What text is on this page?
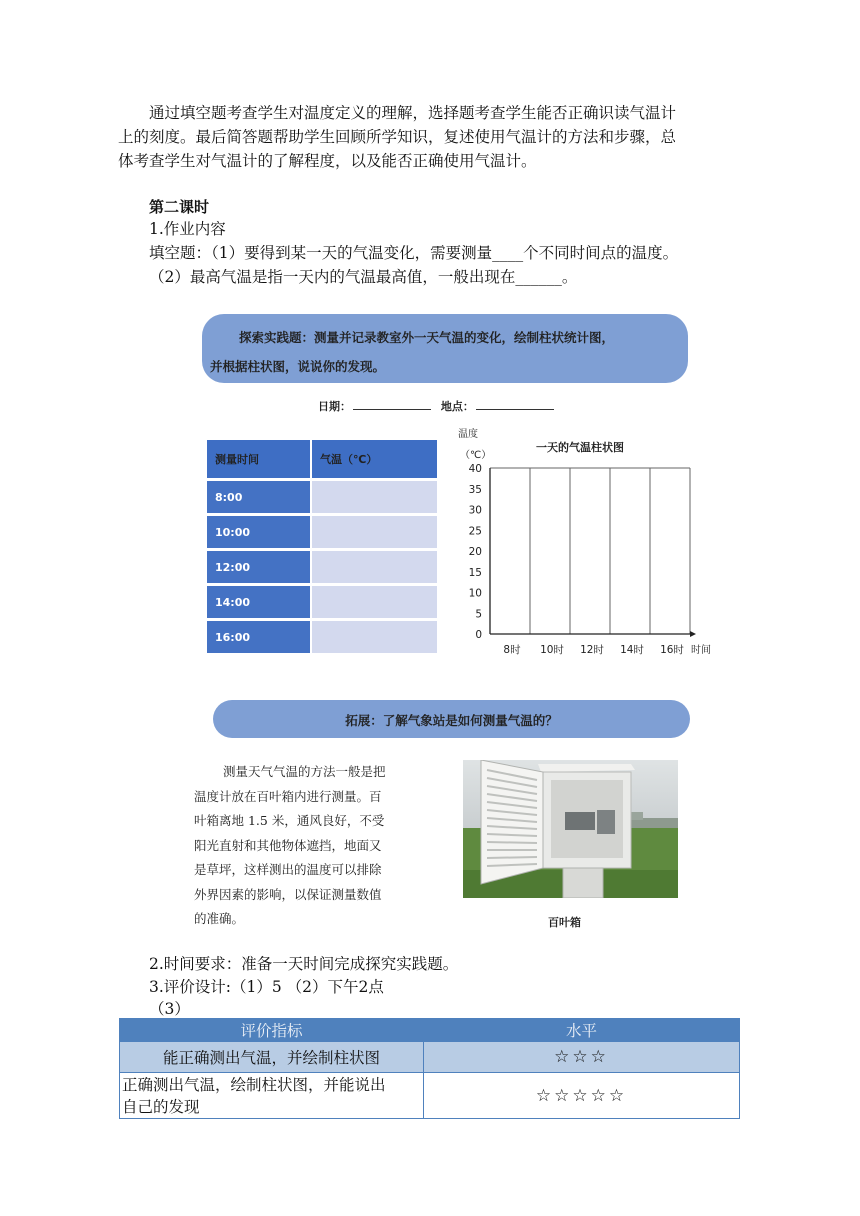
通过填空题考查学生对温度定义的理解，选择题考查学生能否正确识读气温计
上的刻度。最后简答题帮助学生回顾所学知识，复述使用气温计的方法和步骤，总
体考查学生对气温计的了解程度，以及能否正确使用气温计。
第二课时
1.作业内容
填空题：（1）要得到某一天的气温变化，需要测量____个不同时间点的温度。
（2）最高气温是指一天内的气温最高值，一般出现在______。
探索实践题：测量并记录教室外一天气温的变化，绘制柱状统计图，
并根据柱状图，说说你的发现。
日期：	地点：
测量时间	气温（℃）
8:00	
10:00	
12:00	
14:00	
16:00	
温度
（℃）
一天的气温柱状图
0
5
10
15
20
25
30
35
40
8时 10时 12时 14时 16时 时间
拓展：了解气象站是如何测量气温的？
测量天气气温的方法一般是把
温度计放在百叶箱内进行测量。百
叶箱离地 1.5 米，通风良好，不受
阳光直射和其他物体遮挡，地面又
是草坪，这样测出的温度可以排除
外界因素的影响，以保证测量数值
的准确。	百叶箱
2.时间要求：准备一天时间完成探究实践题。
3.评价设计:（1）5 （2）下午2点
（3）
评价指标	水平
能正确测出气温，并绘制柱状图	☆☆☆

正确测出气温，绘制柱状图，并能说出
自己的发现	☆☆☆☆☆
